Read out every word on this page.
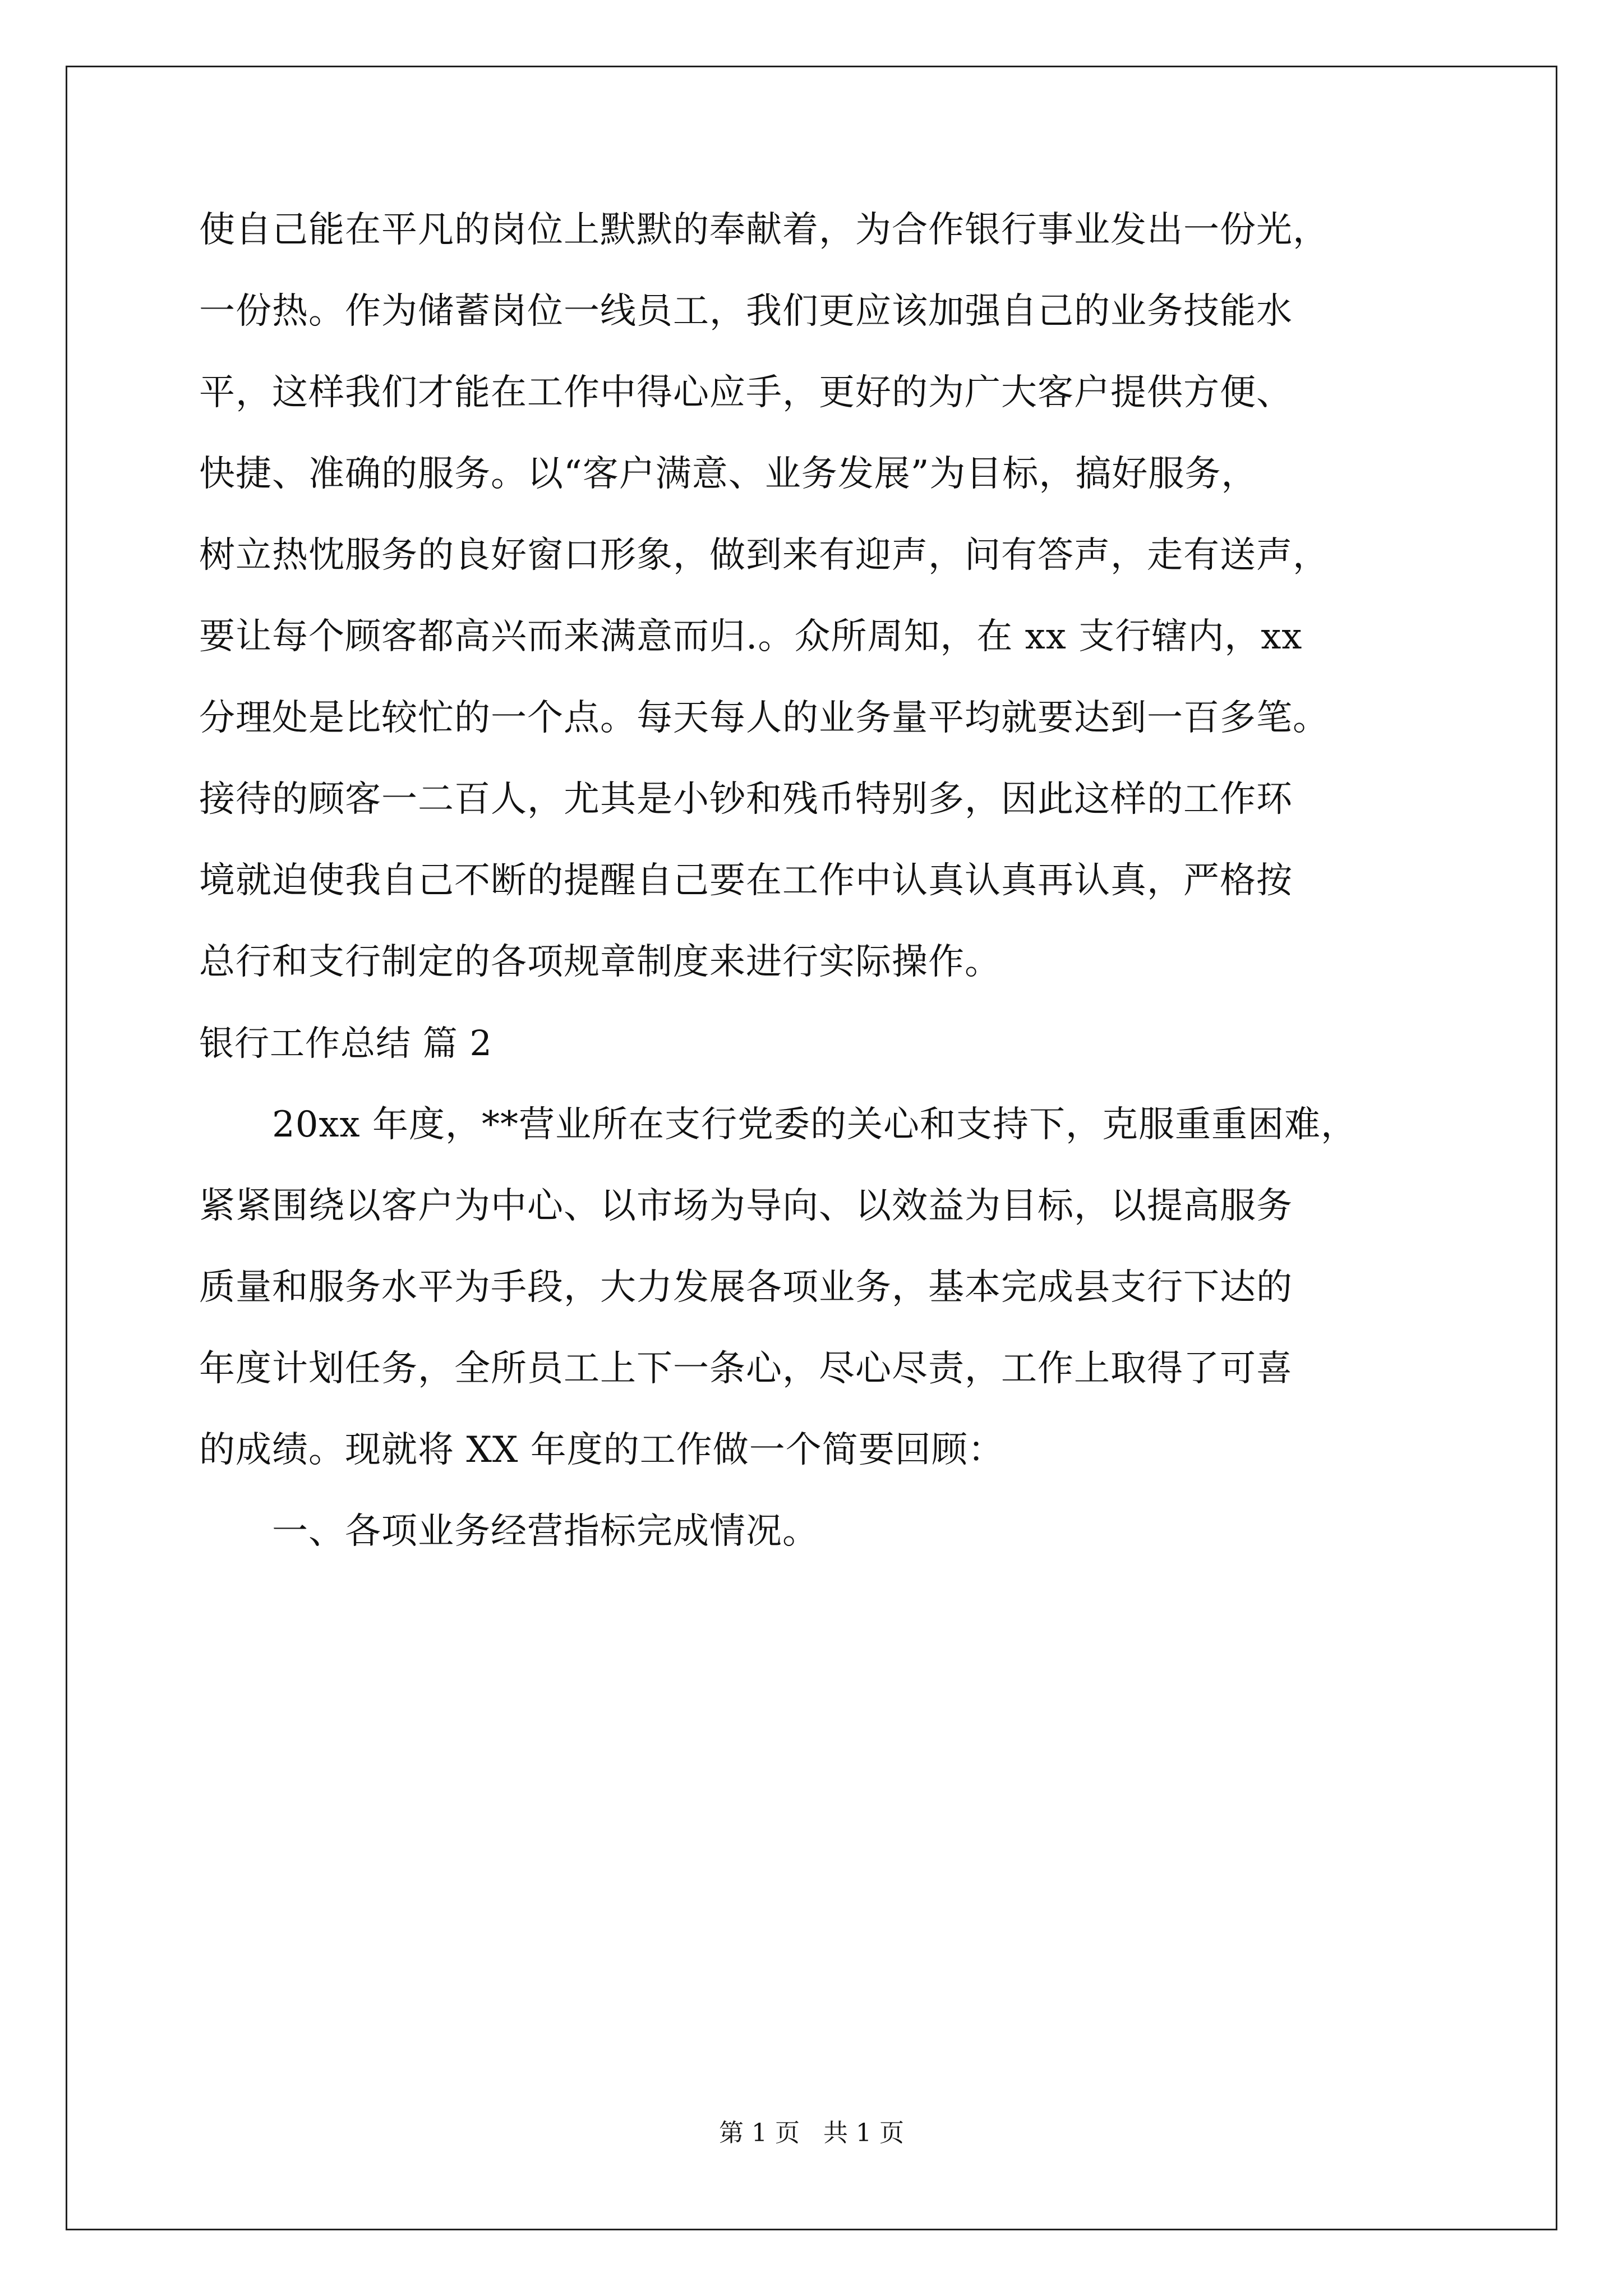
使自己能在平凡的岗位上默默的奉献着，为合作银行事业发出一份光，
一份热。作为储蓄岗位一线员工，我们更应该加强自己的业务技能水
平，这样我们才能在工作中得心应手，更好的为广大客户提供方便、
快捷、准确的服务。以“客户满意、业务发展”为目标，搞好服务，
树立热忱服务的良好窗口形象，做到来有迎声，问有答声，走有送声，
要让每个顾客都高兴而来满意而归.。众所周知，在 xx 支行辖内，xx
分理处是比较忙的一个点。每天每人的业务量平均就要达到一百多笔。
接待的顾客一二百人，尤其是小钞和残币特别多，因此这样的工作环
境就迫使我自己不断的提醒自己要在工作中认真认真再认真，严格按
总行和支行制定的各项规章制度来进行实际操作。
银行工作总结 篇 2
　　20xx 年度，**营业所在支行党委的关心和支持下，克服重重困难，
紧紧围绕以客户为中心、以市场为导向、以效益为目标，以提高服务
质量和服务水平为手段，大力发展各项业务，基本完成县支行下达的
年度计划任务，全所员工上下一条心，尽心尽责，工作上取得了可喜
的成绩。现就将 XX 年度的工作做一个简要回顾：
　　一、各项业务经营指标完成情况。
第 1 页   共 1 页
